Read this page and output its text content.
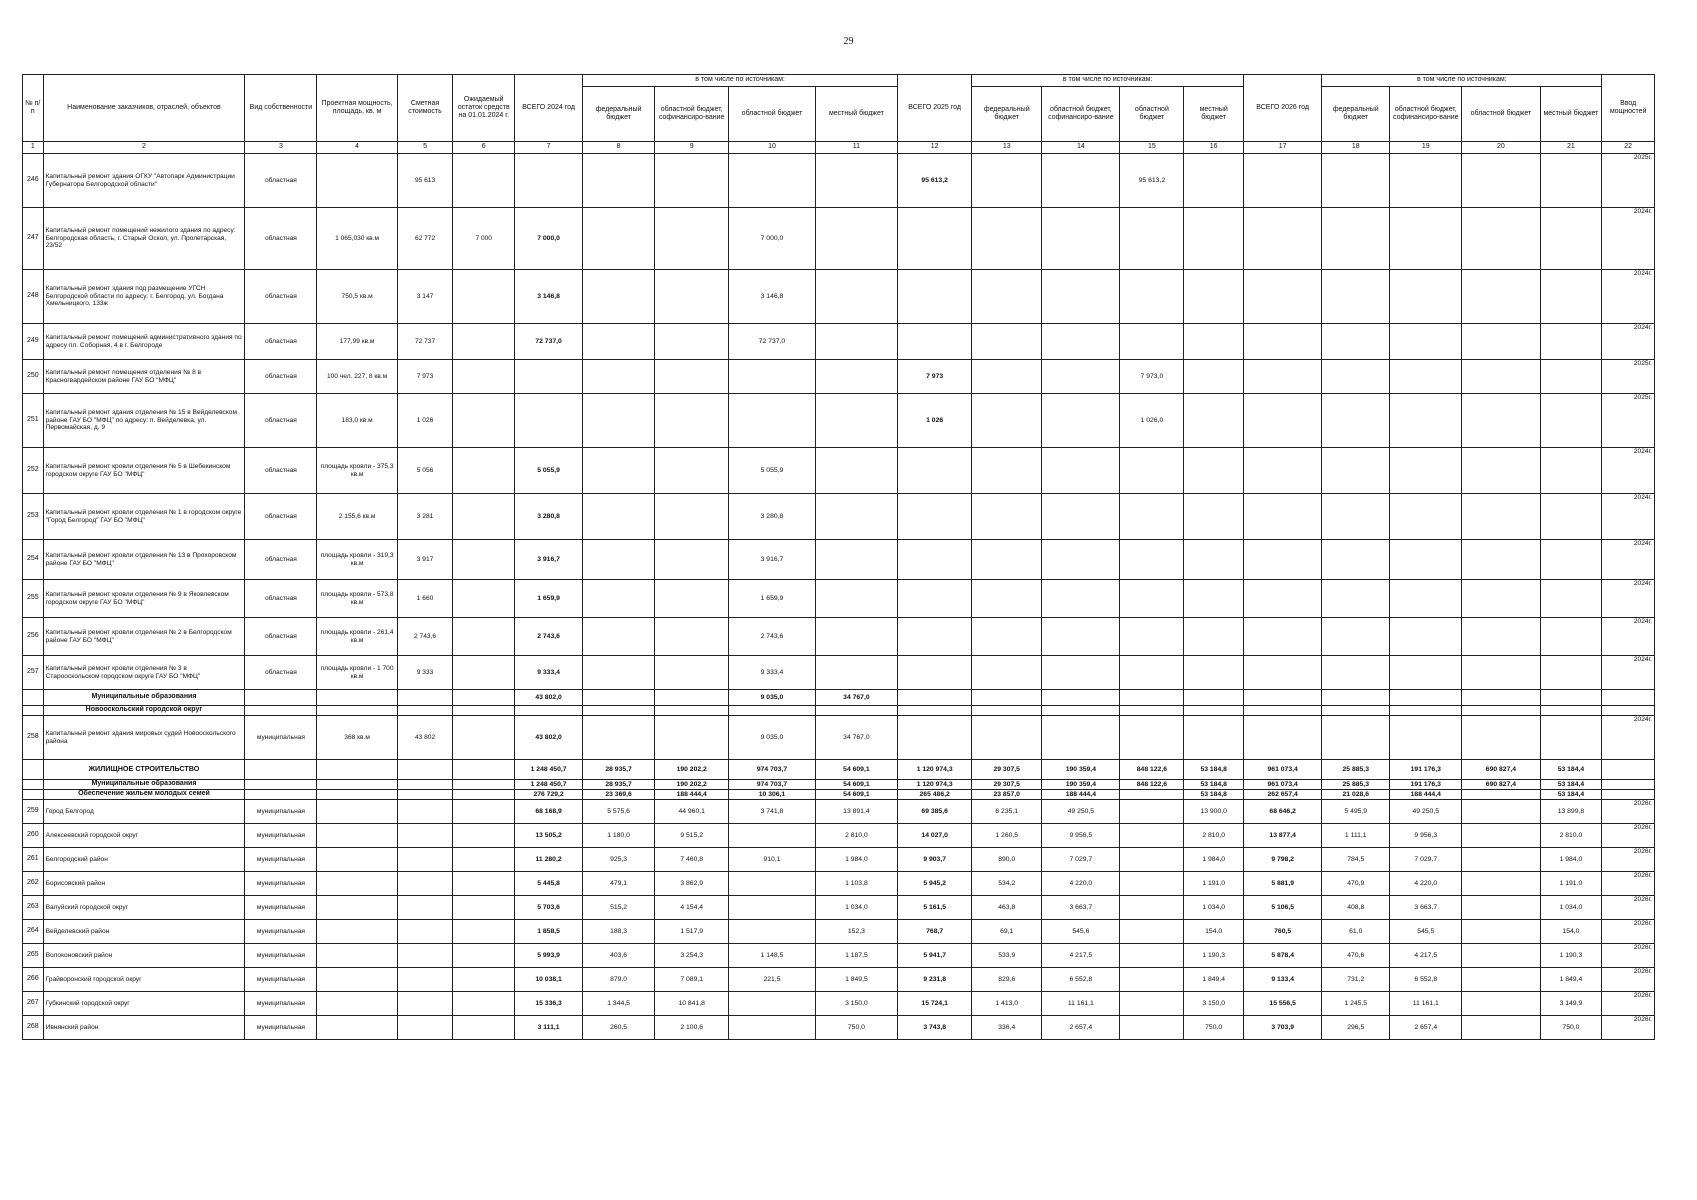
29
№ п/п	Наименование заказчиков, отраслей, объектов	Вид собственности	Проектная мощность, площадь, кв. м	Сметная стоимость	Ожидаемый остаток средств на 01.01.2024 г.	ВСЕГО 2024 год	в том числе по источникам:				ВСЕГО 2025 год	в том числе по источникам:				ВСЕГО 2026 год	в том числе по источникам:				Ввод мощностей
							федеральный бюджет	областной бюджет, софинансиро-вание	областной бюджет	местный бюджет		федеральный бюджет	областной бюджет, софинансиро-вание	областной бюджет	местный бюджет		федеральный бюджет	областной бюджет, софинансиро-вание	областной бюджет	местный бюджет	
1	2	3	4	5	6	7	8	9	10	11	12	13	14	15	16	17	18	19	20	21	22
246	Капитальный ремонт здания ОГКУ "Автопарк Администрации Губернатора Белгородской области"	областная		95 613							95 613,2			95 613,2							2025г.
247	Капитальный ремонт помещений нежилого здания по адресу: Белгородская область, г. Старый Оскол, ул. Пролетарская, 23/52	областная	1 065,030 кв.м	62 772	7 000	7 000,0			7 000,0												2024г.
248	Капитальный ремонт здания под размещение УГСН Белгородской области по адресу: г. Белгород, ул. Богдана Хмельницкого, 133ж	областная	750,5 кв.м	3 147		3 146,8			3 146,8												2024г.
249	Капитальный ремонт помещений административного здания по адресу пл. Соборная, 4 в г. Белгороде	областная	177,99 кв.м	72 737		72 737,0			72 737,0												2024г.
250	Капитальный ремонт помещения отделения № 8 в Красногвардейском районе ГАУ БО "МФЦ"	областная	100 чел. 227, 8 кв.м	7 973							7 973			7 973,0							2025г.
251	Капитальный ремонт здания отделения № 15 в Вейделевском районе ГАУ БО "МФЦ" по адресу: п. Вейделевка, ул. Первомайская, д. 9	областная	183,0 кв.м	1 026							1 026			1 026,0							2025г.
252	Капитальный ремонт кровли отделения № 5 в Шебекинском городском округе ГАУ БО "МФЦ"	областная	площадь кровли - 375,3 кв.м	5 056		5 055,9			5 055,9												2024г.
253	Капитальный ремонт кровли отделения № 1 в городском округе "Город Белгород" ГАУ БО "МФЦ"	областная	2 155,6 кв.м	3 281		3 280,8			3 280,8												2024г.
254	Капитальный ремонт кровли отделения № 13 в Прохоровском районе ГАУ БО "МФЦ"	областная	площадь кровли - 319,3 кв.м	3 917		3 916,7			3 916,7												2024г.
255	Капитальный ремонт кровли отделения № 9 в Яковлевском городском округе ГАУ БО "МФЦ"	областная	площадь кровли - 573,8 кв.м	1 660		1 659,9			1 659,9												2024г.
256	Капитальный ремонт кровли отделения № 2 в Белгородском районе ГАУ БО "МФЦ"	областная	площадь кровли - 261,4 кв.м	2 743,6		2 743,6			2 743,6												2024г.
257	Капитальный ремонт кровли отделения № 3 в Старооскольском городском округе ГАУ БО "МФЦ"	областная	площадь кровли - 1 700 кв.м	9 333		9 333,4			9 333,4												2024г.
	Муниципальные образования					43 802,0			9 035,0	34 767,0											
	Новооскольский городской округ																				
258	Капитальный ремонт здания мировых судей Новооскольского района	муниципальная	368 кв.м	43 802		43 802,0			9 035,0	34 767,0											2024г.
	ЖИЛИЩНОЕ СТРОИТЕЛЬСТВО					1 248 450,7	28 935,7	190 202,2	974 703,7	54 609,1	1 120 974,3	29 307,5	190 359,4	848 122,6	53 184,8	961 073,4	25 885,3	191 176,3	690 827,4	53 184,4	
	Муниципальные образования					1 248 450,7	28 935,7	190 202,2	974 703,7	54 609,1	1 120 974,3	29 307,5	190 359,4	848 122,6	53 184,8	961 073,4	25 885,3	191 176,3	690 827,4	53 184,4	
	Обеспечение жильем молодых семей					276 729,2	23 369,6	188 444,4	10 306,1	54 609,1	265 486,2	23 857,0	188 444,4		53 184,8	262 657,4	21 028,6	188 444,4		53 184,4	
259	Город Белгород	муниципальная				68 168,9	5 575,6	44 960,1	3 741,8	13 891,4	69 385,6	6 235,1	49 250,5		13 900,0	68 646,2	5 495,9	49 250,5		13 899,8	2026г.
260	Алексеевский городской округ	муниципальная				13 505,2	1 180,0	9 515,2		2 810,0	14 027,0	1 260,5	9 956,5		2 810,0	13 877,4	1 111,1	9 956,3		2 810,0	2026г.
261	Белгородский район	муниципальная				11 280,2	925,3	7 460,8	910,1	1 984,0	9 903,7	890,0	7 029,7		1 984,0	9 798,2	784,5	7 029,7		1 984,0	2026г.
262	Борисовский район	муниципальная				5 445,8	479,1	3 862,9		1 103,8	5 945,2	534,2	4 220,0		1 191,0	5 881,9	470,9	4 220,0		1 191,0	2026г.
263	Валуйский городской округ	муниципальная				5 703,6	515,2	4 154,4		1 034,0	5 161,5	463,8	3 663,7		1 034,0	5 106,5	408,8	3 663,7		1 034,0	2026г.
264	Вейделевский район	муниципальная				1 858,5	188,3	1 517,9		152,3	768,7	69,1	545,6		154,0	760,5	61,0	545,5		154,0	2026г.
265	Волоконовский район	муниципальная				5 993,9	403,6	3 254,3	1 148,5	1 187,5	5 941,7	533,9	4 217,5		1 190,3	5 878,4	470,6	4 217,5		1 190,3	2026г.
266	Грайворонский городской округ	муниципальная				10 038,1	879,0	7 089,1	221,5	1 849,5	9 231,8	829,6	6 552,8		1 849,4	9 133,4	731,2	6 552,8		1 849,4	2026г.
267	Губкинский городской округ	муниципальная				15 336,3	1 344,5	10 841,8		3 150,0	15 724,1	1 413,0	11 161,1		3 150,0	15 556,5	1 245,5	11 161,1		3 149,9	2026г.
268	Ивнянский район	муниципальная				3 111,1	260,5	2 100,6		750,0	3 743,8	336,4	2 657,4		750,0	3 703,9	296,5	2 657,4		750,0	2026г.
